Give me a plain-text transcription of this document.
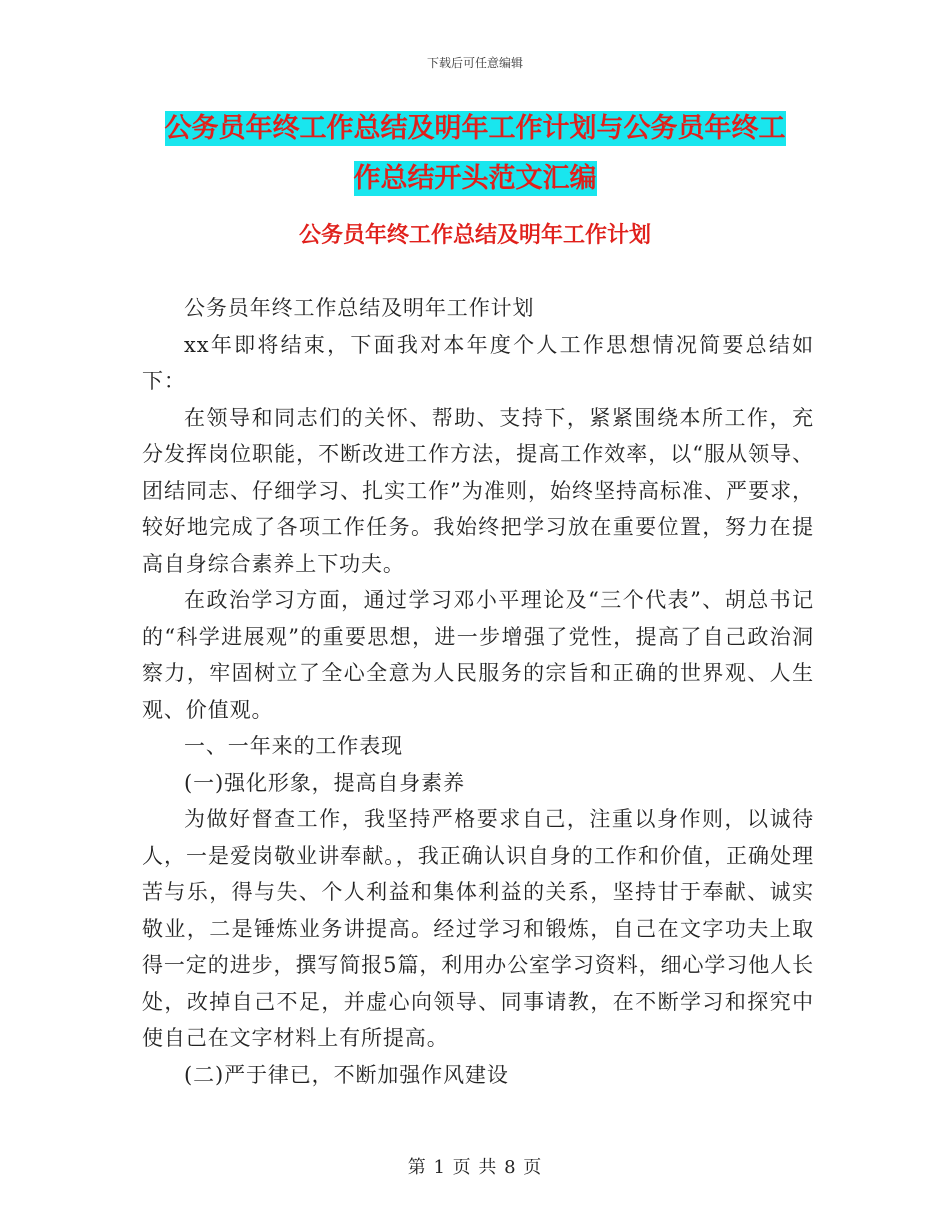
下载后可任意编辑
公务员年终工作总结及明年工作计划与公务员年终工
作总结开头范文汇编
公务员年终工作总结及明年工作计划

公务员年终工作总结及明年工作计划

xx年即将结束，下面我对本年度个人工作思想情况简要总结如下：

在领导和同志们的关怀、帮助、支持下，紧紧围绕本所工作，充分发挥岗位职能，不断改进工作方法，提高工作效率，以“服从领导、团结同志、仔细学习、扎实工作”为准则，始终坚持高标准、严要求，较好地完成了各项工作任务。我始终把学习放在重要位置，努力在提高自身综合素养上下功夫。

在政治学习方面，通过学习邓小平理论及“三个代表”、胡总书记的“科学进展观”的重要思想，进一步增强了党性，提高了自己政治洞察力，牢固树立了全心全意为人民服务的宗旨和正确的世界观、人生观、价值观。

一、一年来的工作表现

(一)强化形象，提高自身素养

为做好督查工作，我坚持严格要求自己，注重以身作则，以诚待人，一是爱岗敬业讲奉献。，我正确认识自身的工作和价值，正确处理苦与乐，得与失、个人利益和集体利益的关系，坚持甘于奉献、诚实敬业，二是锤炼业务讲提高。经过学习和锻炼，自己在文字功夫上取得一定的进步，撰写简报5篇，利用办公室学习资料，细心学习他人长处，改掉自己不足，并虚心向领导、同事请教，在不断学习和探究中使自己在文字材料上有所提高。

(二)严于律已，不断加强作风建设

第 1 页 共 8 页
